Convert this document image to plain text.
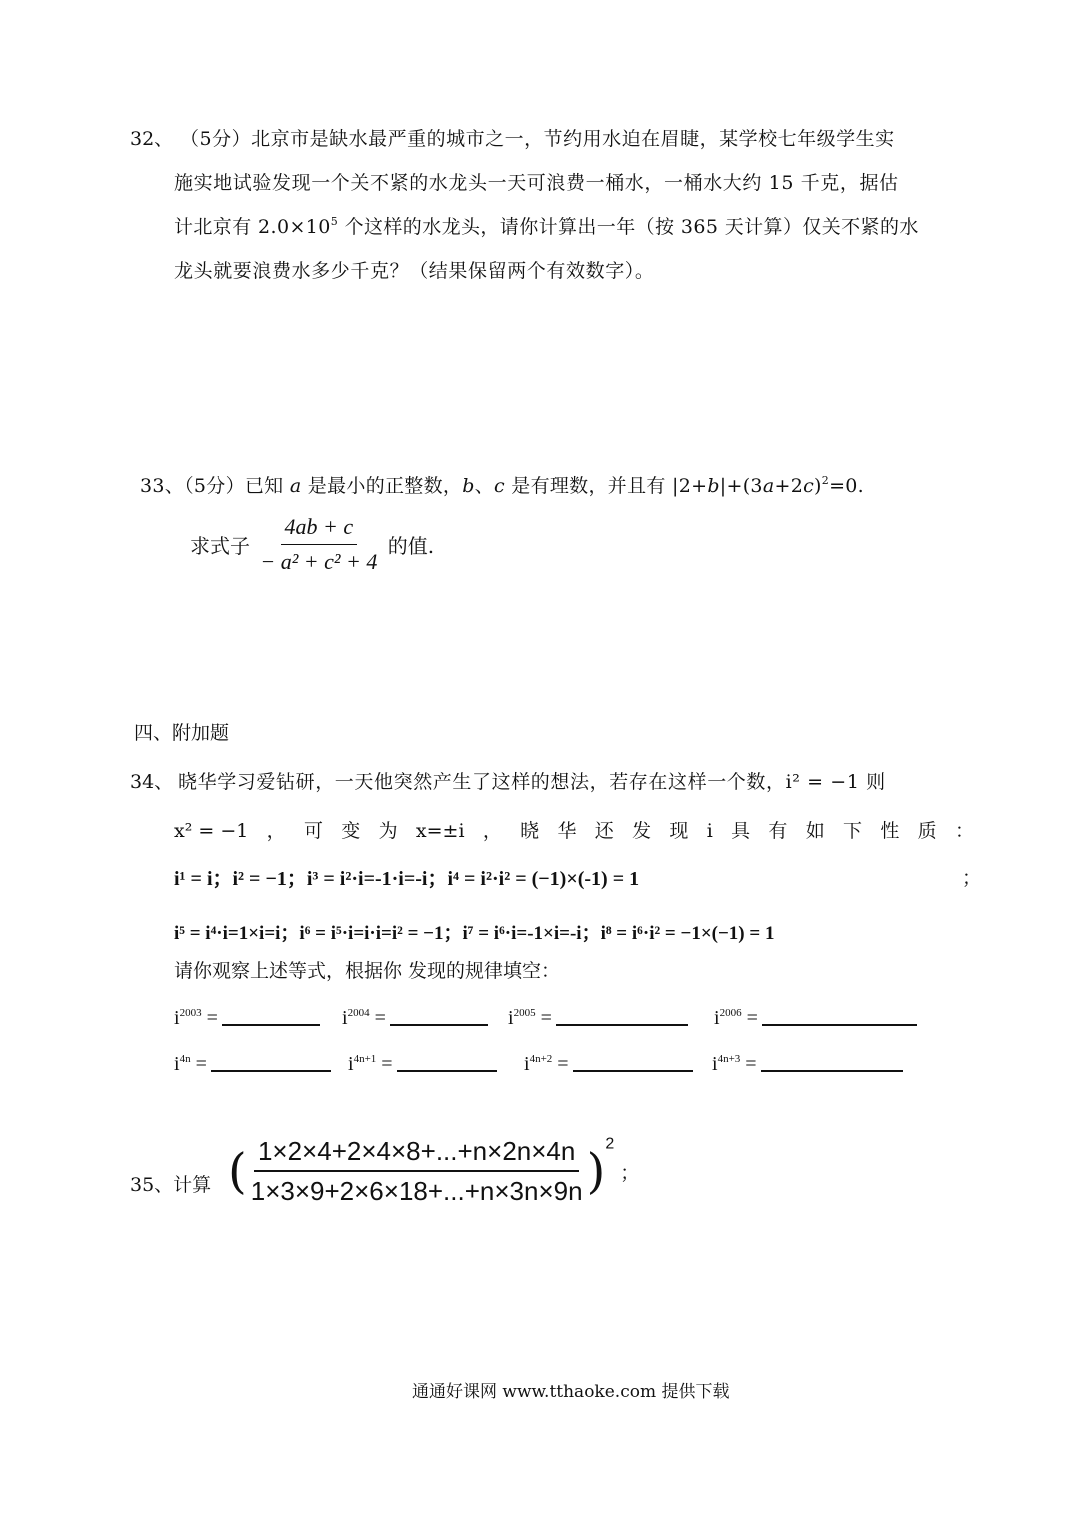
32、 （5分）北京市是缺水最严重的城市之一，节约用水迫在眉睫，某学校七年级学生实
施实地试验发现一个关不紧的水龙头一天可浪费一桶水，一桶水大约 15 千克，据估
计北京有 $2.0\times 10^5$ 个这样的水龙头，请你计算出一年（按 365 天计算）仅关不紧的水
龙头就要浪费水多少千克？（结果保留两个有效数字）。
33、（5分）已知 a 是最小的正整数，b、c 是有理数，并且有 $|2+b|+(3a+2c)^2=0$.
求式子 $\frac{4ab + c}{\text{− a² + c² + 4}}$ 的值.
四、附加题
34、 晓华学习爱钻研，一天他突然产生了这样的想法，若存在这样一个数，i² = −1 则
x² = −1 ， 可 变 为 x=±i ， 晓 华 还 发 现 i 具 有 如 下 性 质 ：
i¹ = i；i² = −1；i³ = i²·i=-1·i=-i；i⁴ = i²·i² = (−1)×(-1) = 1	；
i⁵ = i⁴·i=1×i=i；i⁶ = i⁵·i=i·i=i² = −1；i⁷ = i⁶·i=-1×i=-i；i⁸ = i⁶·i² = −1×(−1) = 1
请你观察上述等式，根据你 发现的规律填空：
$i^{2003}$ =	$i^{2004}$ =	$i^{2005}$ =	$i^{2006}$ =
$i^{4n}$ =	$i^{4n+1}$ =	$i^{4n+2}$ =	$i^{4n+3}$ =
35、计算 ( $\frac{1\times 2\times 4+2\times 4\times 8+...+n\times 2n\times 4n}{1\times 3\times 9+2\times 6\times 18+...+n\times 3n\times 9n} )^2$；
通通好课网 www.tthaoke.com 提供下载
